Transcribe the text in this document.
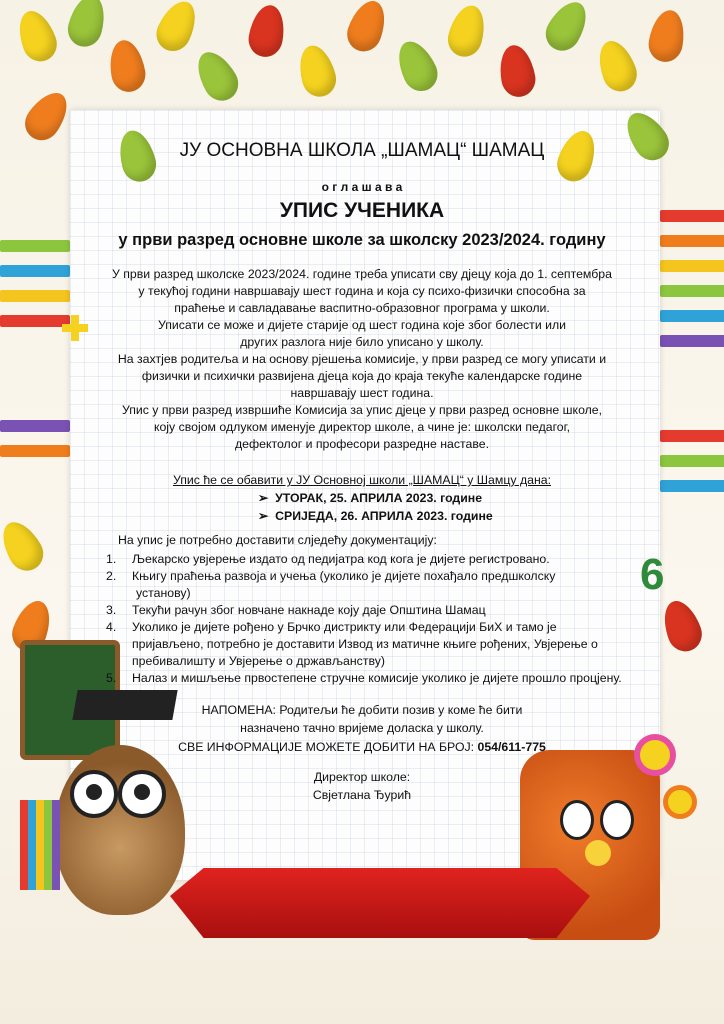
6
ЈУ ОСНОВНА ШКОЛА „ШАМАЦ“ ШАМАЦ
о г л а ш а в а
УПИС УЧЕНИКА
у први разред основне школе за школску 2023/2024. годину
У први разред школске 2023/2024. године треба уписати сву дјецу која до 1. септембра
у текућој години навршавају шест година и која су психо-физички способна за
праћење и савладавање васпитно-образовног програма у школи.
Уписати се може и дијете старије од шест година које због болести или
других разлога није било уписано у школу.
На захтјев родитеља и на основу рјешења комисије, у први разред се могу уписати и
физички и психички развијена дјеца која до краја текуће календарске године
навршавају шест година.
Упис у први разред извршиће Комисија за упис дјеце у први разред основне школе,
коју својом одлуком именује директор школе, а чине је: школски педагог,
дефектолог и професори разредне наставе.
Упис ће се обавити у ЈУ Основној школи „ШАМАЦ“ у Шамцу дана:
➢  УТОРАК, 25. АПРИЛА 2023. године
➢  СРИЈЕДА, 26. АПРИЛА 2023. године
На упис је потребно доставити слједећу документацију:
1. Љекарско увјерење издато од педијатра код кога је дијете регистровано.
2. Књигу праћења развоја и учења (уколико је дијете похађало предшколску
установу)
3. Текући рачун због новчане накнаде коју даје Општина Шамац
4. Уколико је дијете рођено у Брчко дистрикту или Федерацији БиХ и тамо је
пријављено, потребно је доставити Извод из матичне књиге рођених, Увјерење о
пребивалишту и Увјерење о држављанству)
5. Налаз и мишљење првостепене стручне комисије уколико је дијете прошло процјену.
НАПОМЕНА: Родитељи ће добити позив у коме ће бити
назначено тачно вријеме доласка у школу.
СВЕ ИНФОРМАЦИЈЕ МОЖЕТЕ ДОБИТИ НА БРОЈ: 054/611-775
Директор школе:
Свјетлана Ђурић
